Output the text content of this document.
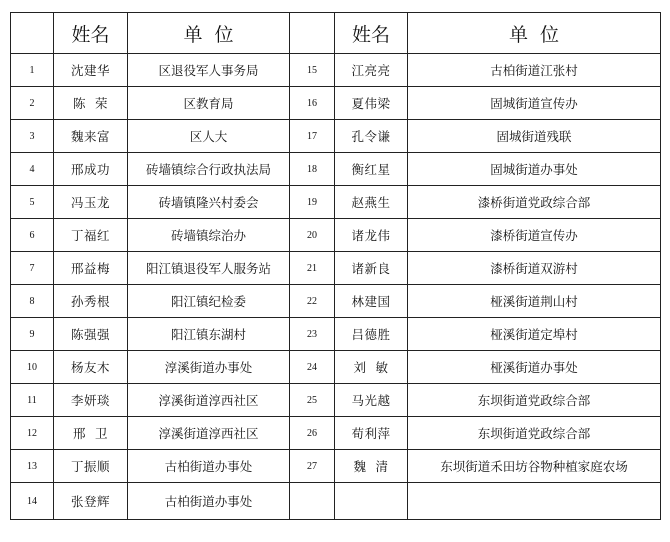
	姓名	单  位		姓名	单  位
1	沈建华	区退役军人事务局	15	江亮亮	古柏街道江张村
2	陈  荣	区教育局	16	夏伟梁	固城街道宣传办
3	魏来富	区人大	17	孔令谦	固城街道残联
4	邢成功	砖墙镇综合行政执法局	18	衡红星	固城街道办事处
5	冯玉龙	砖墙镇隆兴村委会	19	赵燕生	漆桥街道党政综合部
6	丁福红	砖墙镇综治办	20	诸龙伟	漆桥街道宣传办
7	邢益梅	阳江镇退役军人服务站	21	诸新良	漆桥街道双游村
8	孙秀根	阳江镇纪检委	22	林建国	桠溪街道荆山村
9	陈强强	阳江镇东湖村	23	吕德胜	桠溪街道定埠村
10	杨友木	淳溪街道办事处	24	刘  敏	桠溪街道办事处
11	李妍琰	淳溪街道淳西社区	25	马光越	东坝街道党政综合部
12	邢  卫	淳溪街道淳西社区	26	荀利萍	东坝街道党政综合部
13	丁振顺	古柏街道办事处	27	魏  清	东坝街道禾田坊谷物种植家庭农场
14	张登辉	古柏街道办事处			
